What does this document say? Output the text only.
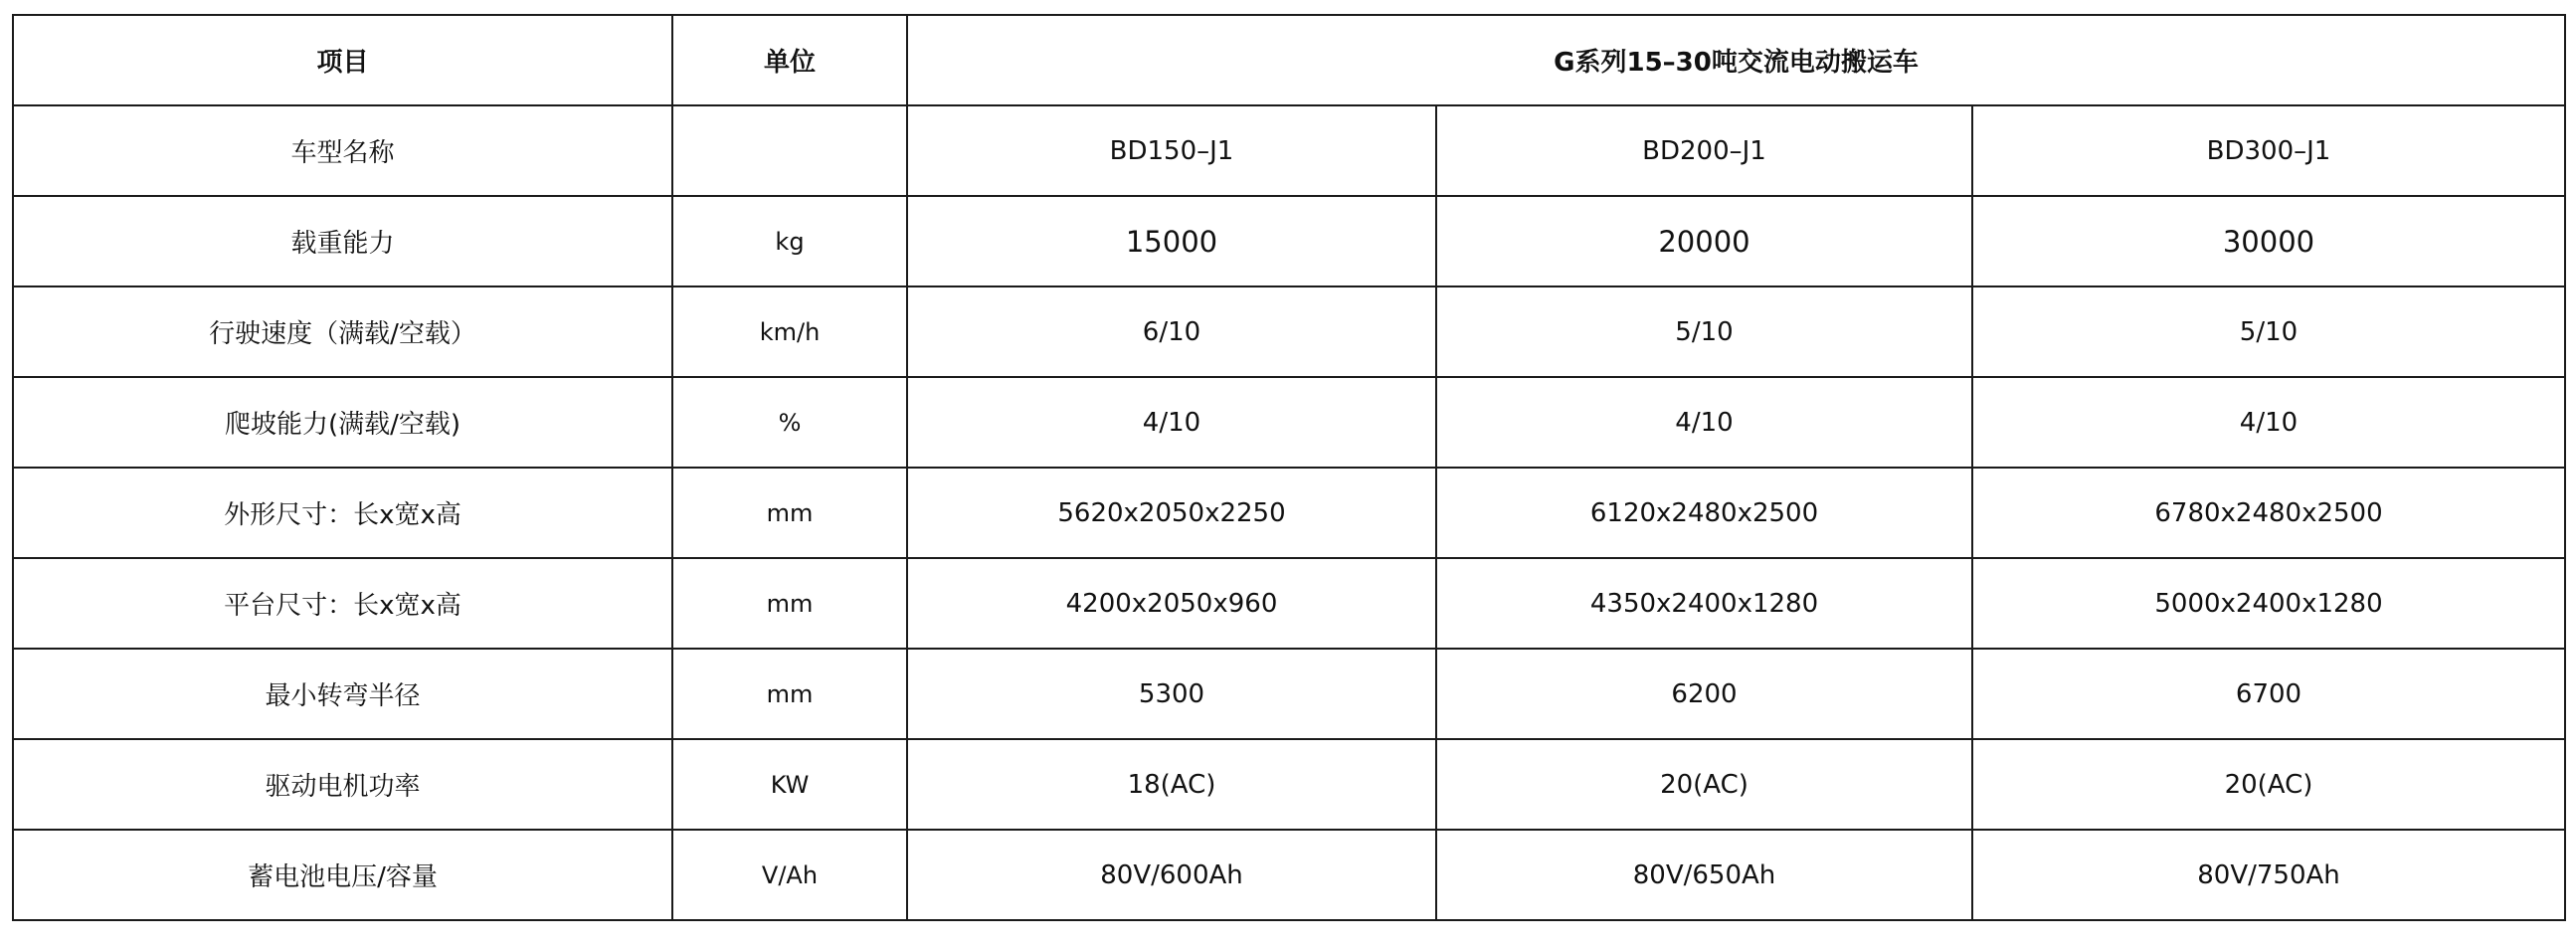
项目	单位	G系列15–30吨交流电动搬运车		
车型名称		BD150–J1	BD200–J1	BD300–J1
载重能力	kg	15000	20000	30000
行驶速度（满载/空载）	km/h	6/10	5/10	5/10
爬坡能力(满载/空载)	%	4/10	4/10	4/10
外形尺寸：长x宽x高	mm	5620x2050x2250	6120x2480x2500	6780x2480x2500
平台尺寸：长x宽x高	mm	4200x2050x960	4350x2400x1280	5000x2400x1280
最小转弯半径	mm	5300	6200	6700
驱动电机功率	KW	18(AC)	20(AC)	20(AC)
蓄电池电压/容量	V/Ah	80V/600Ah	80V/650Ah	80V/750Ah
